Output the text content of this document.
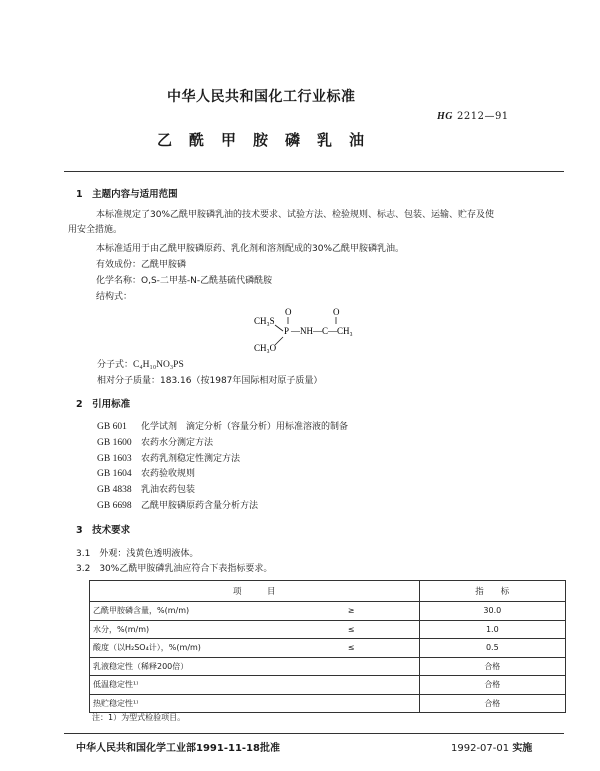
中华人民共和国化工行业标准
HG 2212—91
乙酰甲胺磷乳油
1　主题内容与适用范围
本标准规定了30%乙酰甲胺磷乳油的技术要求、试验方法、检验规则、标志、包装、运输、贮存及使
用安全措施。
本标准适用于由乙酰甲胺磷原药、乳化剂和溶剂配成的30%乙酰甲胺磷乳油。
有效成份：乙酰甲胺磷
化学名称：O,S-二甲基-N-乙酰基硫代磷酰胺
结构式：
O	O
CH₃S
P —NH—C—CH₃
CH₃O
分子式：C₄H₁₀NO₃PS
相对分子质量：183.16（按1987年国际相对原子质量）
2　引用标准
GB 601 化学试剂　滴定分析（容量分析）用标准溶液的制备
GB 1600 农药水分测定方法
GB 1603 农药乳剂稳定性测定方法
GB 1604 农药验收规则
GB 4838 乳油农药包装
GB 6698 乙酰甲胺磷原药含量分析方法
3　技术要求
3.1　外观：浅黄色透明液体。
3.2　30%乙酰甲胺磷乳油应符合下表指标要求。
项　　　目		指　　标
乙酰甲胺磷含量，%(m/m)	≥	30.0
水分，%(m/m)	≤	1.0
酸度（以H₂SO₄计），%(m/m)	≤	0.5
乳液稳定性（稀释200倍）		合格
低温稳定性¹⁾		合格
热贮稳定性¹⁾		合格
注：1）为型式检验项目。
中华人民共和国化学工业部1991-11-18批准	1992-07-01 实施
